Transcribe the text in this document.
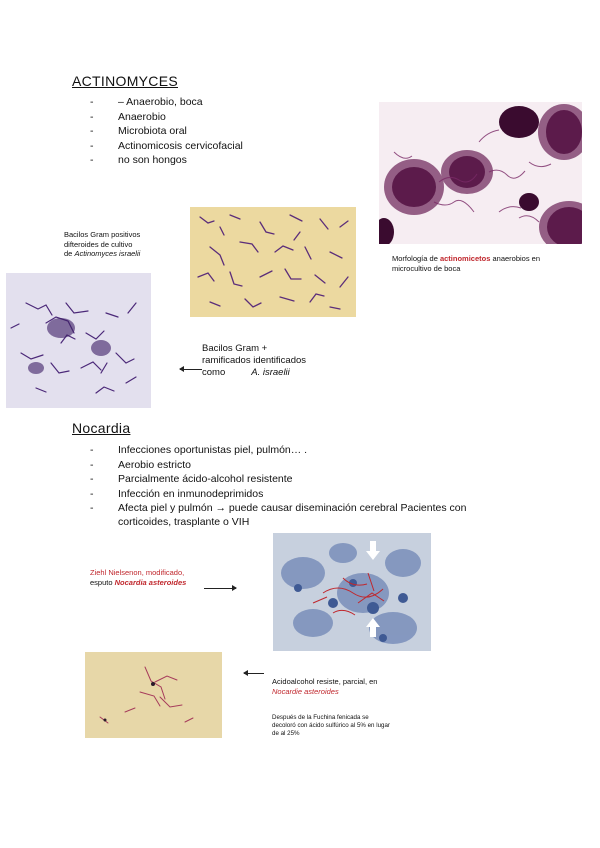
ACTINOMYCES
- – Anaerobio, boca
- Anaerobio
- Microbiota oral
- Actinomicosis cervicofacial
- no son hongos
Morfología de actinomicetos anaerobios en
microcultivo de boca
Bacilos Gram positivos
difteroides de cultivo
de Actinomyces israelii
Bacilos Gram +
ramificados identificados
como	A. israelii
Nocardia
- Infecciones oportunistas piel, pulmón… .
- Aerobio estricto
- Parcialmente ácido-alcohol resistente
- Infección en inmunodeprimidos
- Afecta piel y pulmón → puede causar diseminación cerebral Pacientes con
corticoides, trasplante o VIH
Ziehl Nielsenon, modificado,
esputo Nocardia asteroides
Acidoalcohol resiste, parcial, en
Nocardie asteroides
Después de la Fuchina fenicada se
decoloró con ácido sulfúrico al 5% en lugar
de al 25%
